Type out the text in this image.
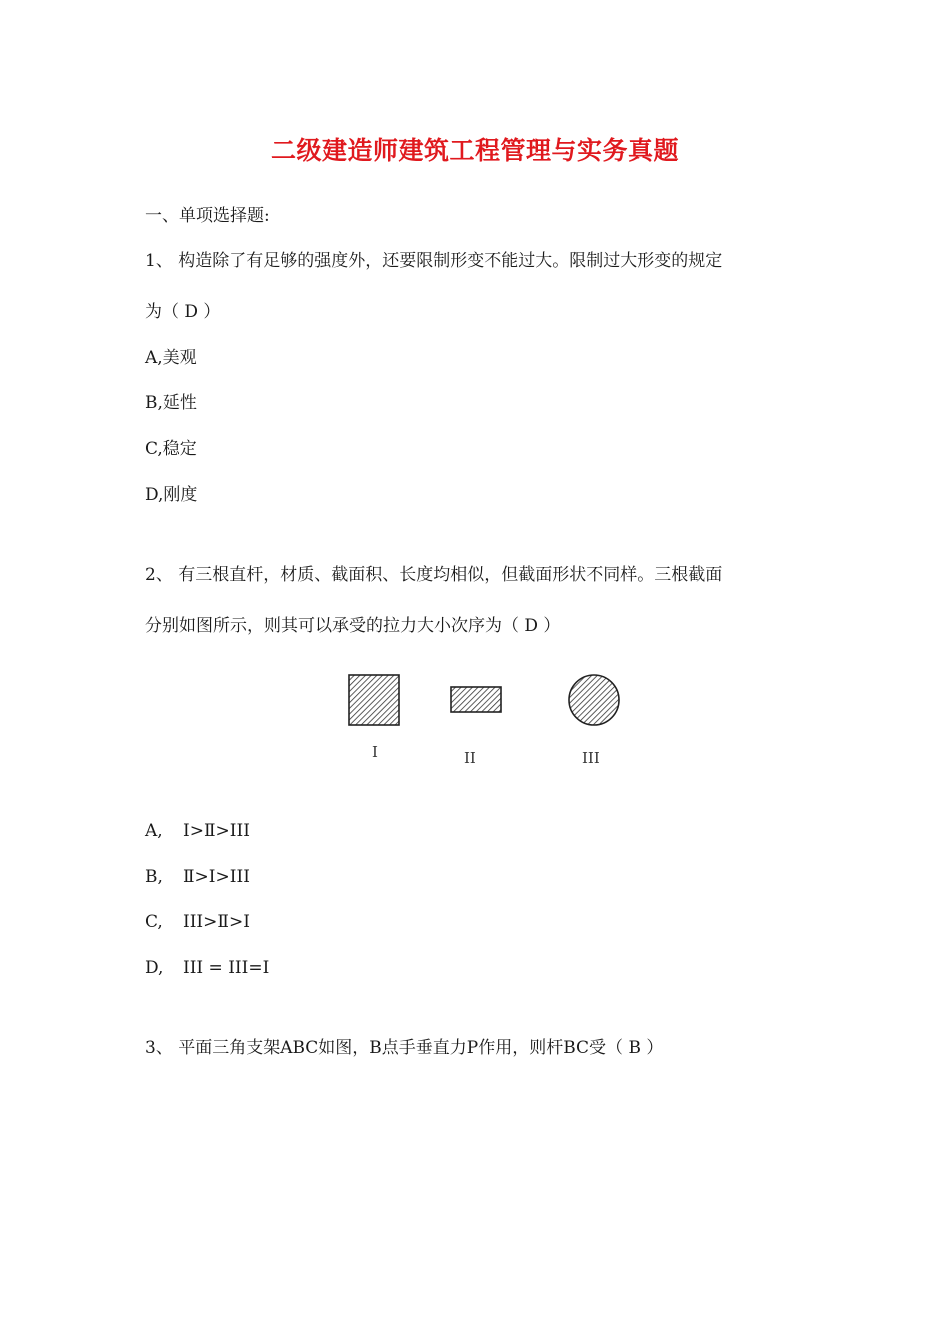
二级建造师建筑工程管理与实务真题
一、单项选择题:
1、 构造除了有足够的强度外，还要限制形变不能过大。限制过大形变的规定
为（ D ）
A,美观
B,延性
C,稳定
D,刚度
2、 有三根直杆，材质、截面积、长度均相似，但截面形状不同样。三根截面
分别如图所示，则其可以承受的拉力大小次序为（ D ）
I	II	III
A, Ⅰ>Ⅱ>III
B, Ⅱ>Ⅰ>III
C, III>Ⅱ>Ⅰ
D, III = III=Ⅰ
3、 平面三角支架ABC如图，B点手垂直力P作用，则杆BC受（ B ）
